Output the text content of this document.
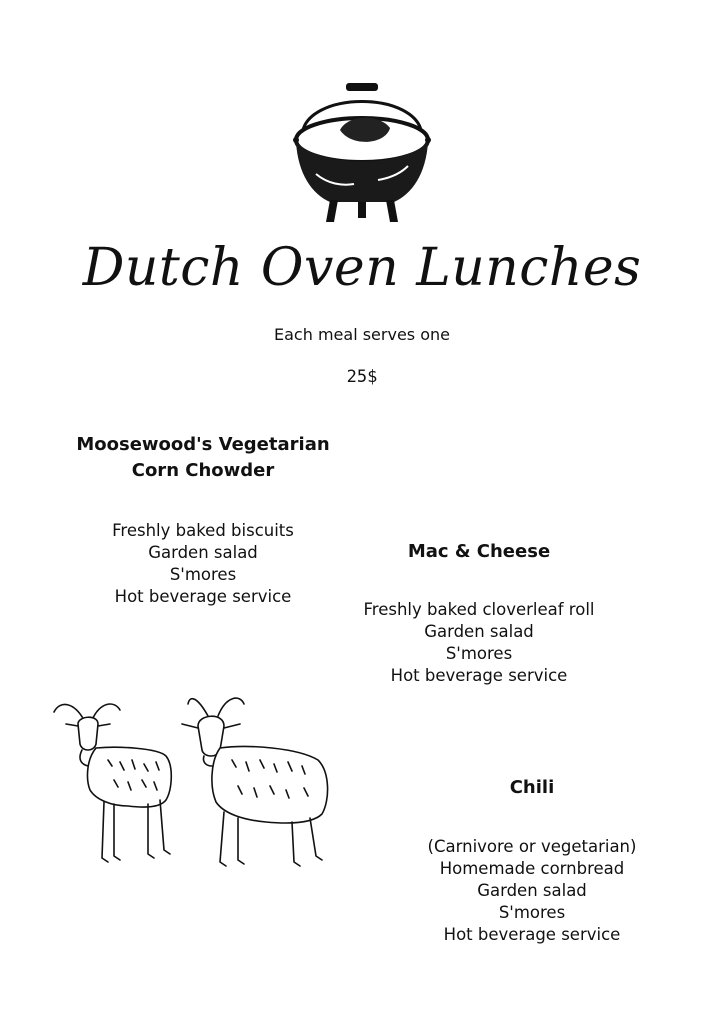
Dutch Oven Lunches
Each meal serves one
25$

Moosewood's Vegetarian Corn Chowder

Freshly baked biscuits
Garden salad
S'mores
Hot beverage service

Mac & Cheese

Freshly baked cloverleaf roll
Garden salad
S'mores
Hot beverage service

Chili

(Carnivore or vegetarian)
Homemade cornbread
Garden salad
S'mores
Hot beverage service
